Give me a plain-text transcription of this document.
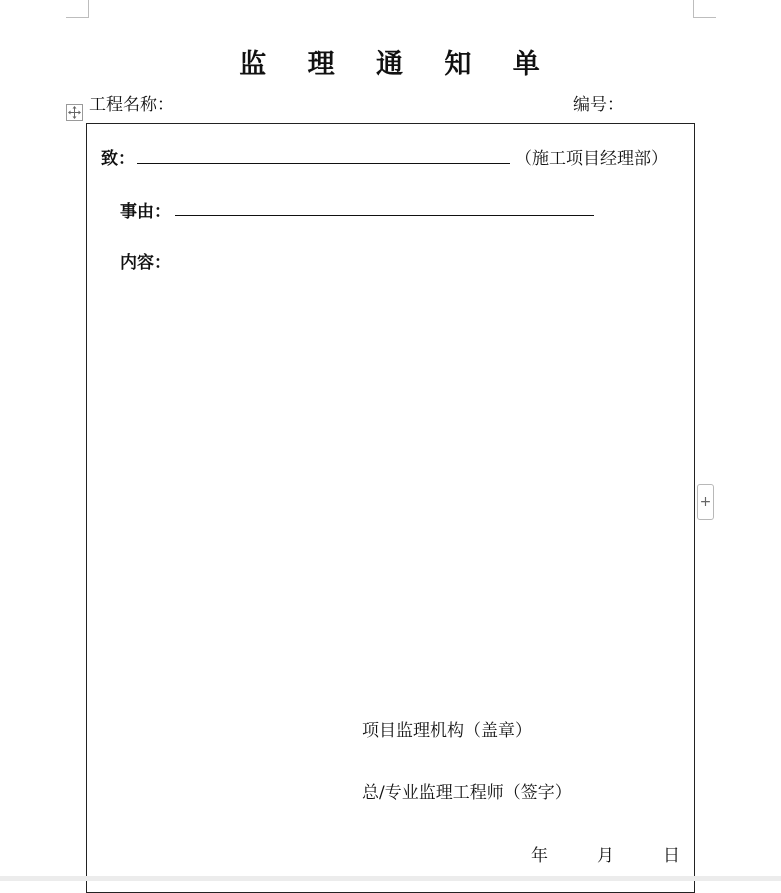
监 理 通 知 单
工程名称：	编号：
致：	（施工项目经理部）
事由：
内容：
项目监理机构（盖章）
总/专业监理工程师（签字）
年	月	日
+
